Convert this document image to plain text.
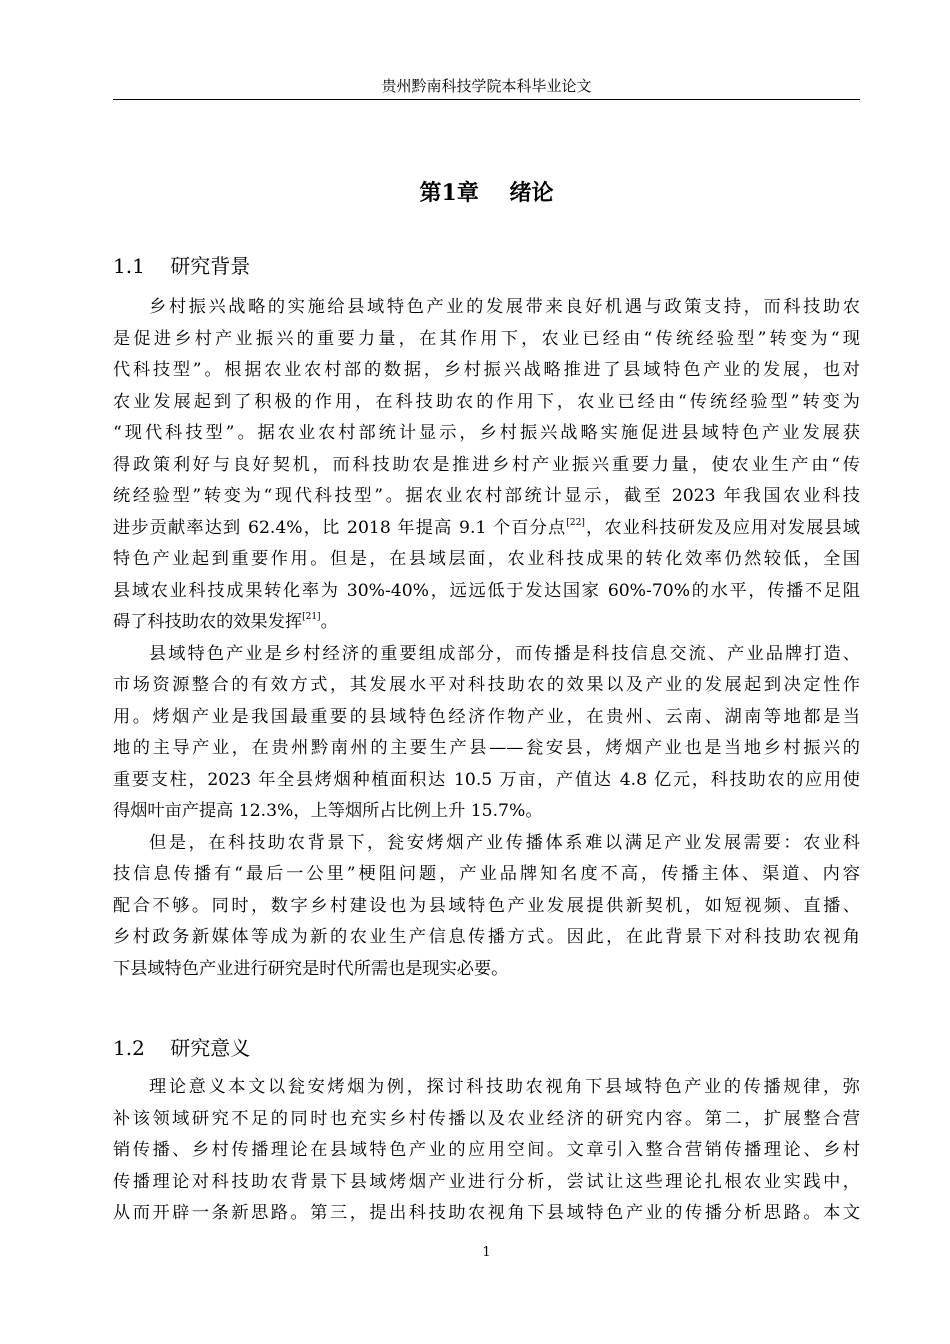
贵州黔南科技学院本科毕业论文
第1章    绪论
1.1    研究背景
乡村振兴战略的实施给县域特色产业的发展带来良好机遇与政策支持，而科技助农
是促进乡村产业振兴的重要力量，在其作用下，农业已经由“传统经验型”转变为“现
代科技型”。根据农业农村部的数据，乡村振兴战略推进了县域特色产业的发展，也对
农业发展起到了积极的作用，在科技助农的作用下，农业已经由“传统经验型”转变为
“现代科技型”。据农业农村部统计显示，乡村振兴战略实施促进县域特色产业发展获
得政策利好与良好契机，而科技助农是推进乡村产业振兴重要力量，使农业生产由“传
统经验型”转变为“现代科技型”。据农业农村部统计显示，截至 2023 年我国农业科技
进步贡献率达到 62.4%，比 2018 年提高 9.1 个百分点[22]，农业科技研发及应用对发展县域
特色产业起到重要作用。但是，在县域层面，农业科技成果的转化效率仍然较低，全国
县域农业科技成果转化率为 30%-40%，远远低于发达国家 60%-70%的水平，传播不足阻
碍了科技助农的效果发挥[21]。
县域特色产业是乡村经济的重要组成部分，而传播是科技信息交流、产业品牌打造、
市场资源整合的有效方式，其发展水平对科技助农的效果以及产业的发展起到决定性作
用。烤烟产业是我国最重要的县域特色经济作物产业，在贵州、云南、湖南等地都是当
地的主导产业，在贵州黔南州的主要生产县——瓮安县，烤烟产业也是当地乡村振兴的
重要支柱，2023 年全县烤烟种植面积达 10.5 万亩，产值达 4.8 亿元，科技助农的应用使
得烟叶亩产提高 12.3%，上等烟所占比例上升 15.7%。
但是，在科技助农背景下，瓮安烤烟产业传播体系难以满足产业发展需要：农业科
技信息传播有“最后一公里”梗阻问题，产业品牌知名度不高，传播主体、渠道、内容
配合不够。同时，数字乡村建设也为县域特色产业发展提供新契机，如短视频、直播、
乡村政务新媒体等成为新的农业生产信息传播方式。因此，在此背景下对科技助农视角
下县域特色产业进行研究是时代所需也是现实必要。
1.2    研究意义
理论意义本文以瓮安烤烟为例，探讨科技助农视角下县域特色产业的传播规律，弥
补该领域研究不足的同时也充实乡村传播以及农业经济的研究内容。第二，扩展整合营
销传播、乡村传播理论在县域特色产业的应用空间。文章引入整合营销传播理论、乡村
传播理论对科技助农背景下县域烤烟产业进行分析，尝试让这些理论扎根农业实践中，
从而开辟一条新思路。第三，提出科技助农视角下县域特色产业的传播分析思路。本文
1
